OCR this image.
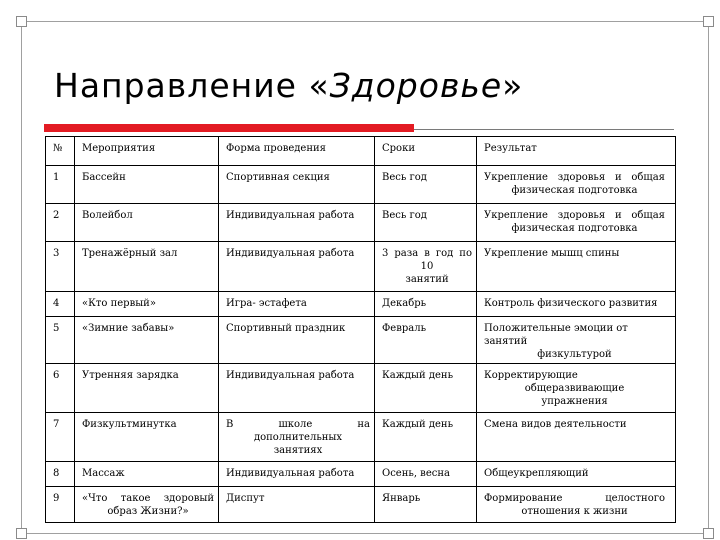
Направление «Здоровье»
№	Мероприятия	Форма проведения	Сроки	Результат
1	Бассейн	Спортивная секция	Весь год	Укрепление здоровья и общая
физическая подготовка

2	Волейбол	Индивидуальная работа	Весь год	Укрепление здоровья и общая
физическая подготовка

3	Тренажёрный зал	Индивидуальная работа	3 раза в год по
10
занятий	Укрепление мышц спины
4	«Кто первый»	Игра- эстафета	Декабрь	Контроль физического развития
5	«Зимние забавы»	Спортивный праздник	Февраль	Положительные эмоции от занятий
физкультурой

6	Утренняя зарядка	Индивидуальная работа	Каждый день	Корректирующие
общеразвивающие
упражнения

7	Физкультминутка	В школе на
дополнительных
занятиях	Каждый день	Смена видов деятельности
8	Массаж	Индивидуальная работа	Осень, весна	Общеукрепляющий
9	«Что такое здоровый
образ Жизни?»	Диспут	Январь	Формирование целостного
отношения к жизни
